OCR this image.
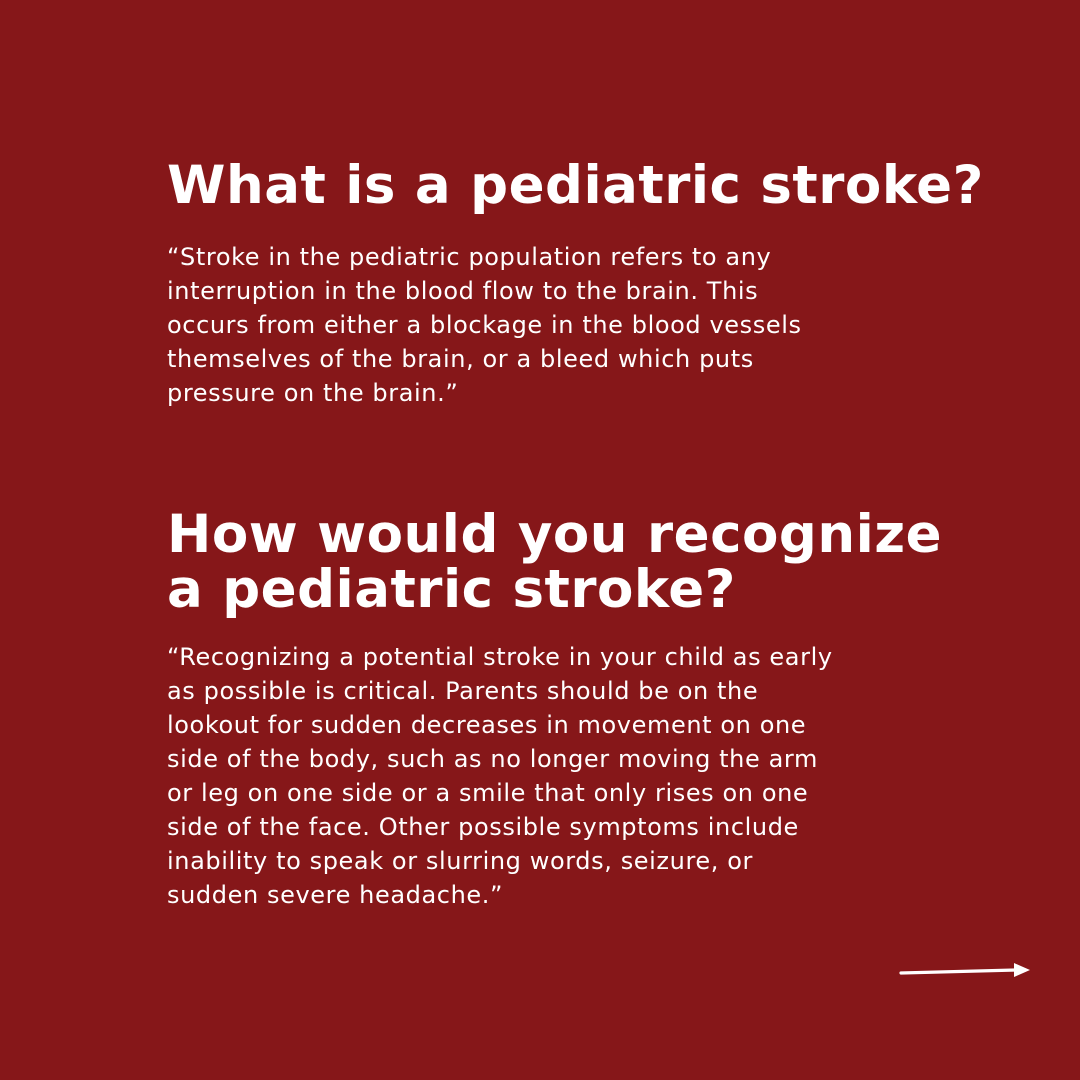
What is a pediatric stroke?

“Stroke in the pediatric population refers to any
interruption in the blood flow to the brain. This
occurs from either a blockage in the blood vessels
themselves of the brain, or a bleed which puts
pressure on the brain.”

How would you recognize
a pediatric stroke?

“Recognizing a potential stroke in your child as early
as possible is critical. Parents should be on the
lookout for sudden decreases in movement on one
side of the body, such as no longer moving the arm
or leg on one side or a smile that only rises on one
side of the face. Other possible symptoms include
inability to speak or slurring words, seizure, or
sudden severe headache.”
